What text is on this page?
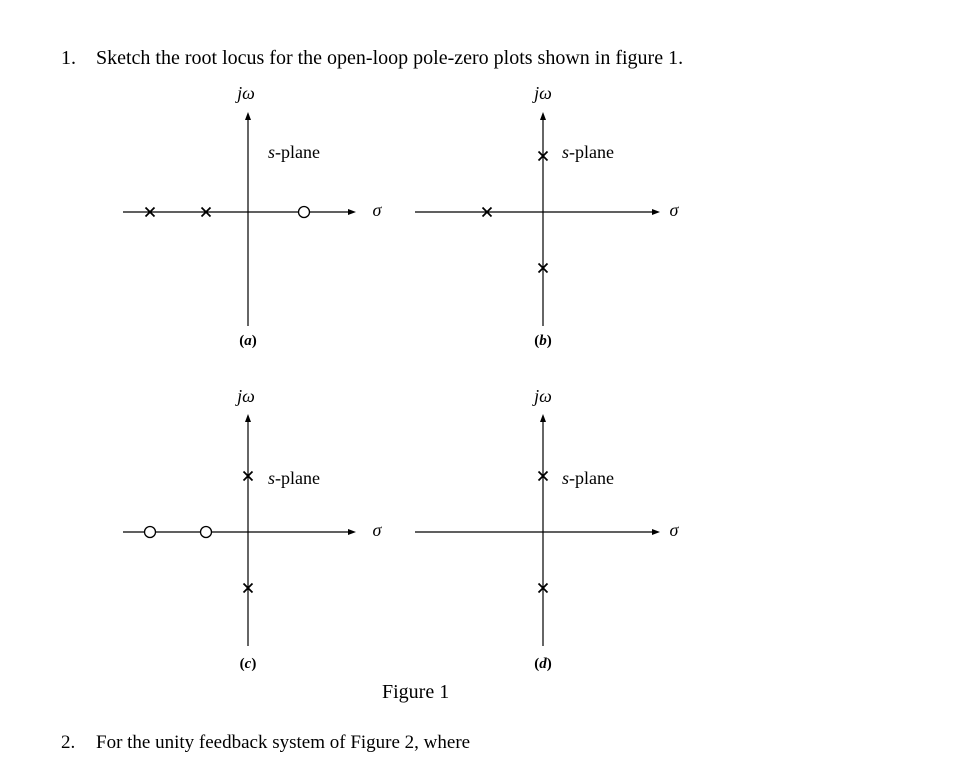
1. Sketch the root locus for the open-loop pole-zero plots shown in figure 1.
jω
σ
s-plane
(a)
jω
σ
s-plane
(b)
jω
σ
s-plane
(c)
jω
σ
s-plane
(d)
Figure 1
2. For the unity feedback system of Figure 2, where
